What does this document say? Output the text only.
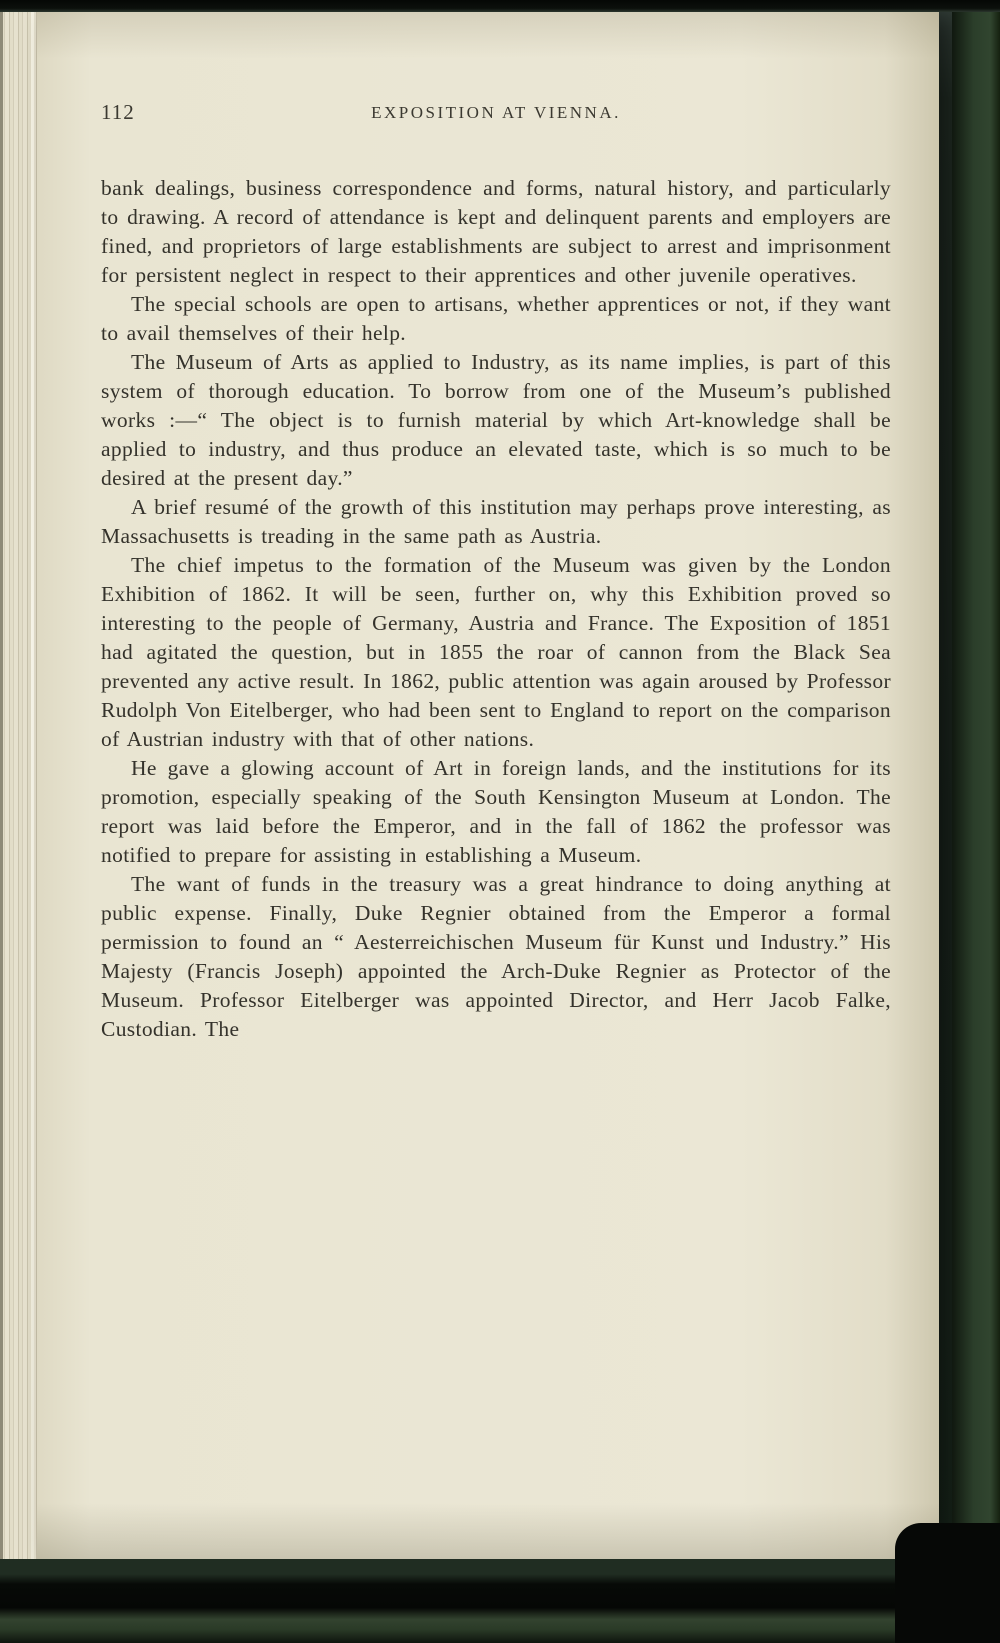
112	EXPOSITION AT VIENNA.

bank dealings, business correspondence and forms, natural history, and particularly to drawing. A record of attendance is kept and delinquent parents and employers are fined, and proprietors of large establishments are subject to arrest and imprisonment for persistent neglect in respect to their apprentices and other juvenile operatives.

The special schools are open to artisans, whether apprentices or not, if they want to avail themselves of their help.

The Museum of Arts as applied to Industry, as its name implies, is part of this system of thorough education. To borrow from one of the Museum’s published works :—“ The object is to furnish material by which Art-knowledge shall be applied to industry, and thus produce an elevated taste, which is so much to be desired at the present day.”

A brief resumé of the growth of this institution may perhaps prove interesting, as Massachusetts is treading in the same path as Austria.

The chief impetus to the formation of the Museum was given by the London Exhibition of 1862. It will be seen, further on, why this Exhibition proved so interesting to the people of Germany, Austria and France. The Exposition of 1851 had agitated the question, but in 1855 the roar of cannon from the Black Sea prevented any active result. In 1862, public attention was again aroused by Professor Rudolph Von Eitelberger, who had been sent to England to report on the comparison of Austrian industry with that of other nations.

He gave a glowing account of Art in foreign lands, and the institutions for its promotion, especially speaking of the South Kensington Museum at London. The report was laid before the Emperor, and in the fall of 1862 the professor was notified to prepare for assisting in establishing a Museum.

The want of funds in the treasury was a great hindrance to doing anything at public expense. Finally, Duke Regnier obtained from the Emperor a formal permission to found an “ Aesterreichischen Museum für Kunst und Industry.” His Majesty (Francis Joseph) appointed the Arch-Duke Regnier as Protector of the Museum. Professor Eitelberger was appointed Director, and Herr Jacob Falke, Custodian. The
